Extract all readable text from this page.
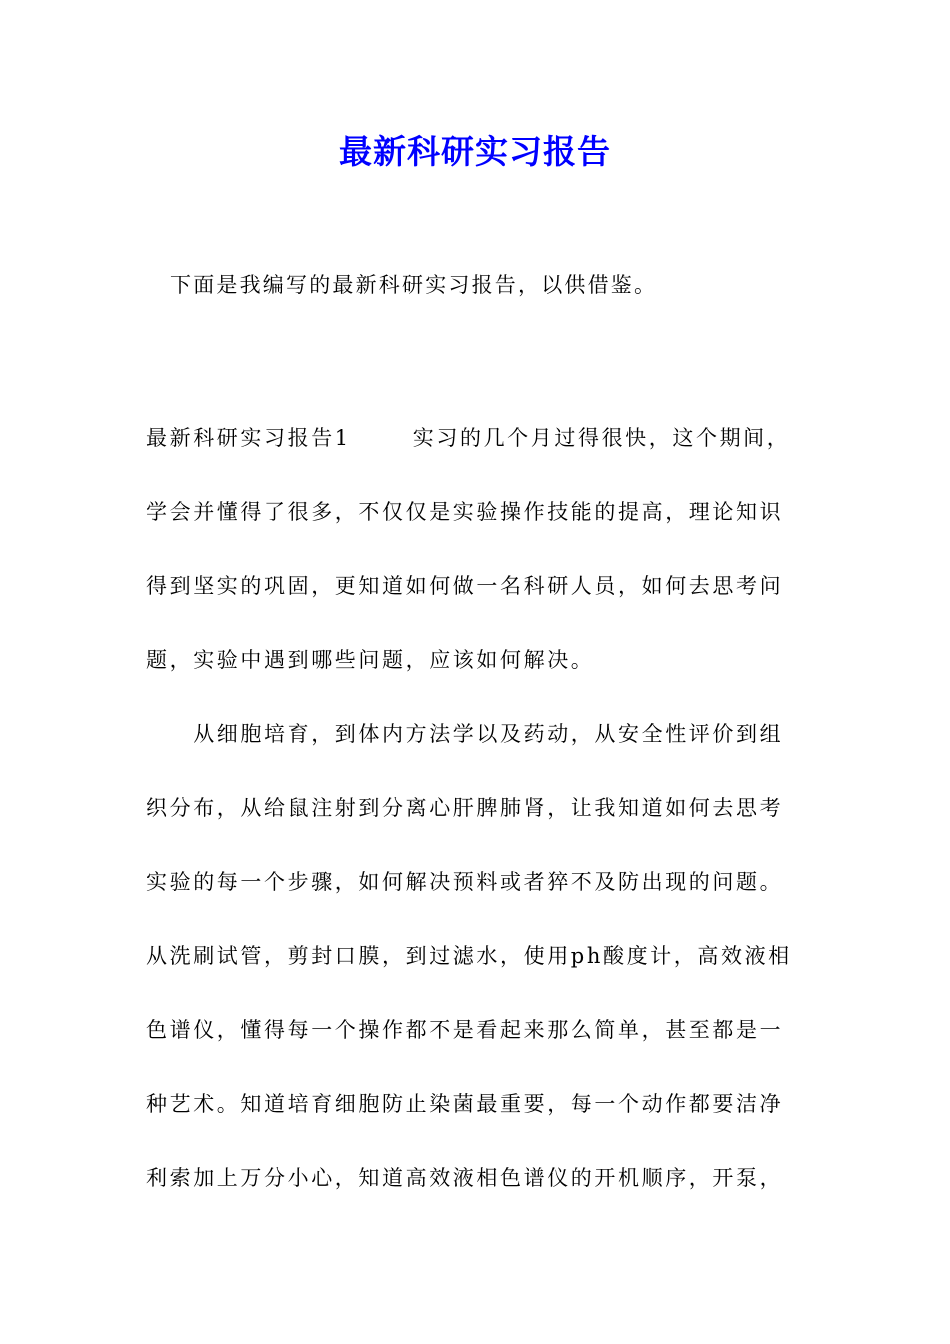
最新科研实习报告
下面是我编写的最新科研实习报告，以供借鉴。
最新科研实习报告1	实习的几个月过得很快，这个期间，
学会并懂得了很多，不仅仅是实验操作技能的提高，理论知识
得到坚实的巩固，更知道如何做一名科研人员，如何去思考问
题，实验中遇到哪些问题，应该如何解决。
　　从细胞培育，到体内方法学以及药动，从安全性评价到组
织分布，从给鼠注射到分离心肝脾肺肾，让我知道如何去思考
实验的每一个步骤，如何解决预料或者猝不及防出现的问题。
从洗刷试管，剪封口膜，到过滤水，使用ph酸度计，高效液相
色谱仪，懂得每一个操作都不是看起来那么简单，甚至都是一
种艺术。知道培育细胞防止染菌最重要，每一个动作都要洁净
利索加上万分小心，知道高效液相色谱仪的开机顺序，开泵，
